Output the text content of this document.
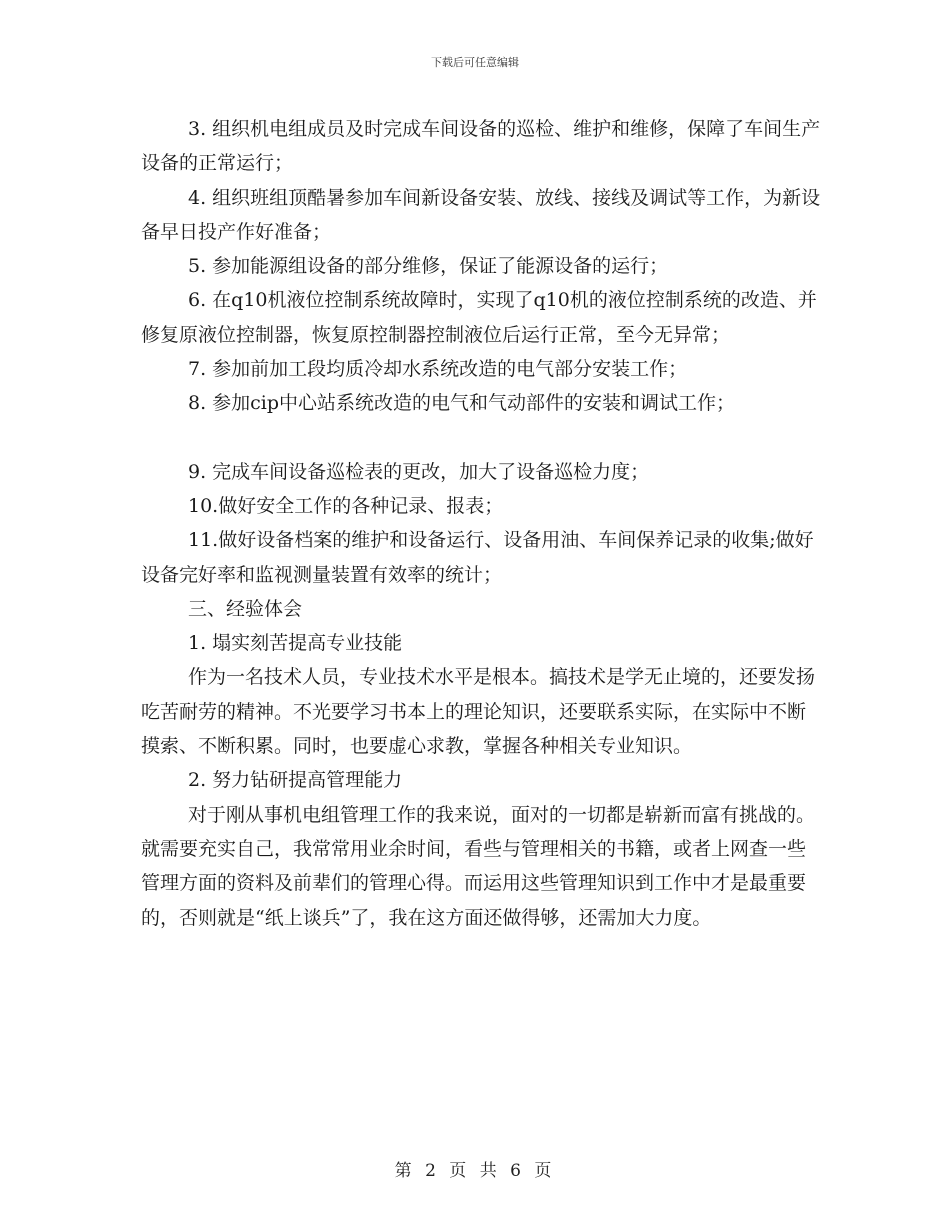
下载后可任意编辑

3. 组织机电组成员及时完成车间设备的巡检、维护和维修，保障了车间生产设备的正常运行；

4. 组织班组顶酷暑参加车间新设备安装、放线、接线及调试等工作，为新设备早日投产作好准备；

5. 参加能源组设备的部分维修，保证了能源设备的运行；

6. 在q10机液位控制系统故障时，实现了q10机的液位控制系统的改造、并修复原液位控制器，恢复原控制器控制液位后运行正常，至今无异常；

7. 参加前加工段均质冷却水系统改造的电气部分安装工作；

8. 参加cip中心站系统改造的电气和气动部件的安装和调试工作；

9. 完成车间设备巡检表的更改，加大了设备巡检力度；

10.做好安全工作的各种记录、报表；

11.做好设备档案的维护和设备运行、设备用油、车间保养记录的收集;做好设备完好率和监视测量装置有效率的统计；

三、经验体会

1. 塌实刻苦提高专业技能

作为一名技术人员，专业技术水平是根本。搞技术是学无止境的，还要发扬吃苦耐劳的精神。不光要学习书本上的理论知识，还要联系实际，在实际中不断摸索、不断积累。同时，也要虚心求教，掌握各种相关专业知识。

2. 努力钻研提高管理能力

对于刚从事机电组管理工作的我来说，面对的一切都是崭新而富有挑战的。就需要充实自己，我常常用业余时间，看些与管理相关的书籍，或者上网查一些管理方面的资料及前辈们的管理心得。而运用这些管理知识到工作中才是最重要的，否则就是“纸上谈兵”了，我在这方面还做得够，还需加大力度。

第 2 页 共 6 页
